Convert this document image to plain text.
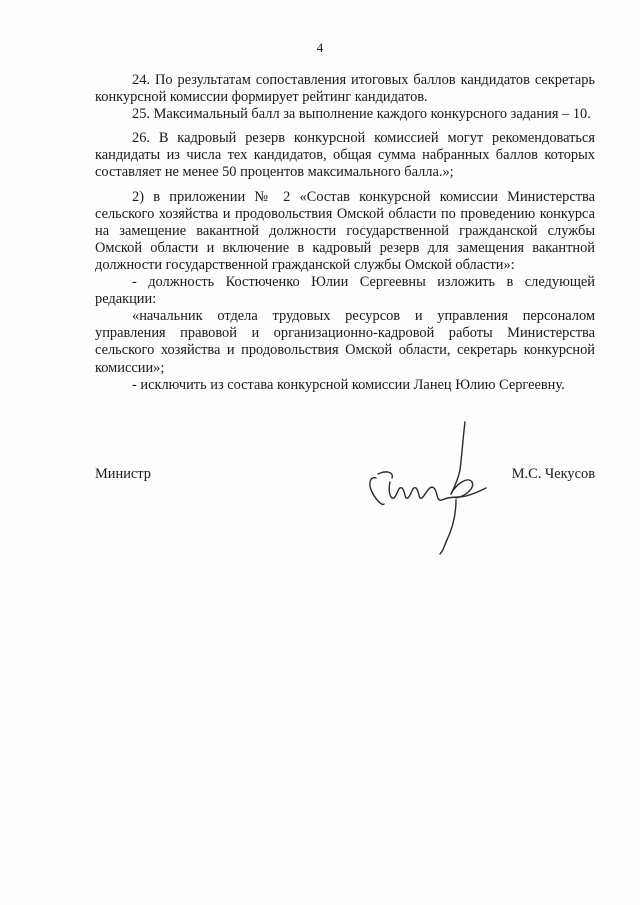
4

24. По результатам сопоставления итоговых баллов кандидатов секретарь конкурсной комиссии формирует рейтинг кандидатов.

25. Максимальный балл за выполнение каждого конкурсного задания – 10.

26. В кадровый резерв конкурсной комиссией могут рекомендоваться кандидаты из числа тех кандидатов, общая сумма набранных баллов которых составляет не менее 50 процентов максимального балла.»;

2) в приложении № 2 «Состав конкурсной комиссии Министерства сельского хозяйства и продовольствия Омской области по проведению конкурса на замещение вакантной должности государственной гражданской службы Омской области и включение в кадровый резерв для замещения вакантной должности государственной гражданской службы Омской области»:

- должность Костюченко Юлии Сергеевны изложить в следующей редакции:

«начальник отдела трудовых ресурсов и управления персоналом управления правовой и организационно-кадровой работы Министерства сельского хозяйства и продовольствия Омской области, секретарь конкурсной комиссии»;

- исключить из состава конкурсной комиссии Ланец Юлию Сергеевну.

Министр	М.С. Чекусов
